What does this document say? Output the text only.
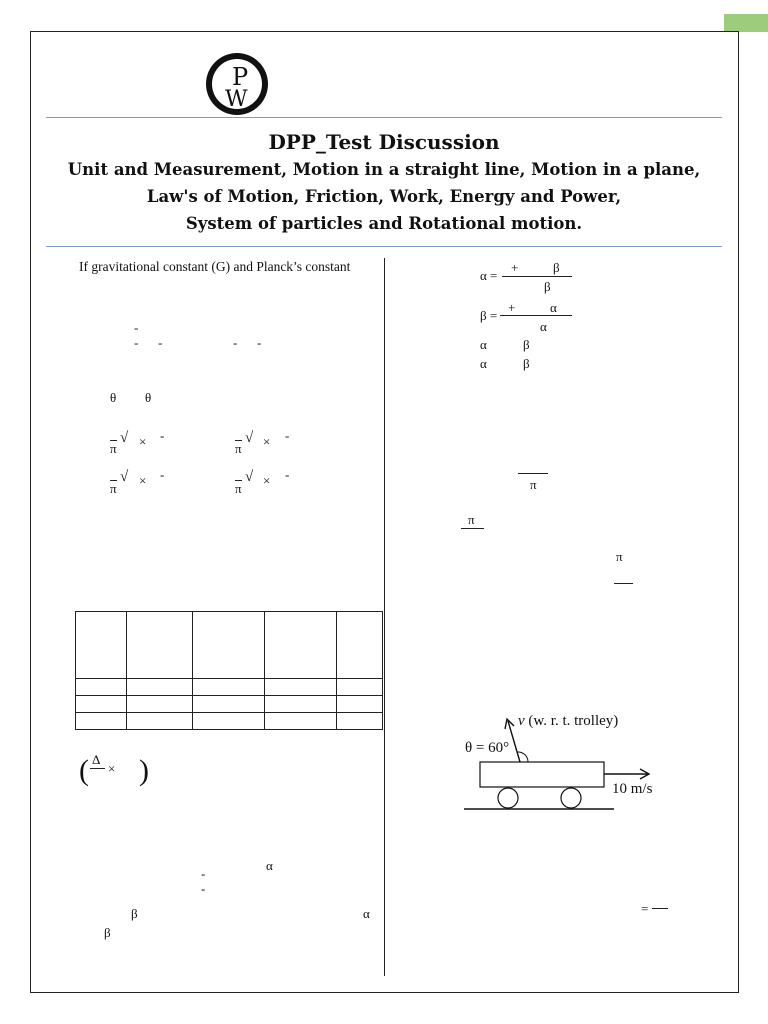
P
W
DPP_Test Discussion
Unit and Measurement, Motion in a straight line, Motion in a plane,
Law's of Motion, Friction, Work, Energy and Power,
System of particles and Rotational motion.
If gravitational constant (G) and Planck’s constant
-
- -	- -
θ θ
π
√ × -
π
√ × -
π
√ × -
π
√ × -

( Δ
× )
α
-
-
β	α
β
α =
+	β
β
β =
+	α
α
α	β
α	β
π
π
π
v (w. r. t. trolley)
θ = 60°
10 m/s
=
